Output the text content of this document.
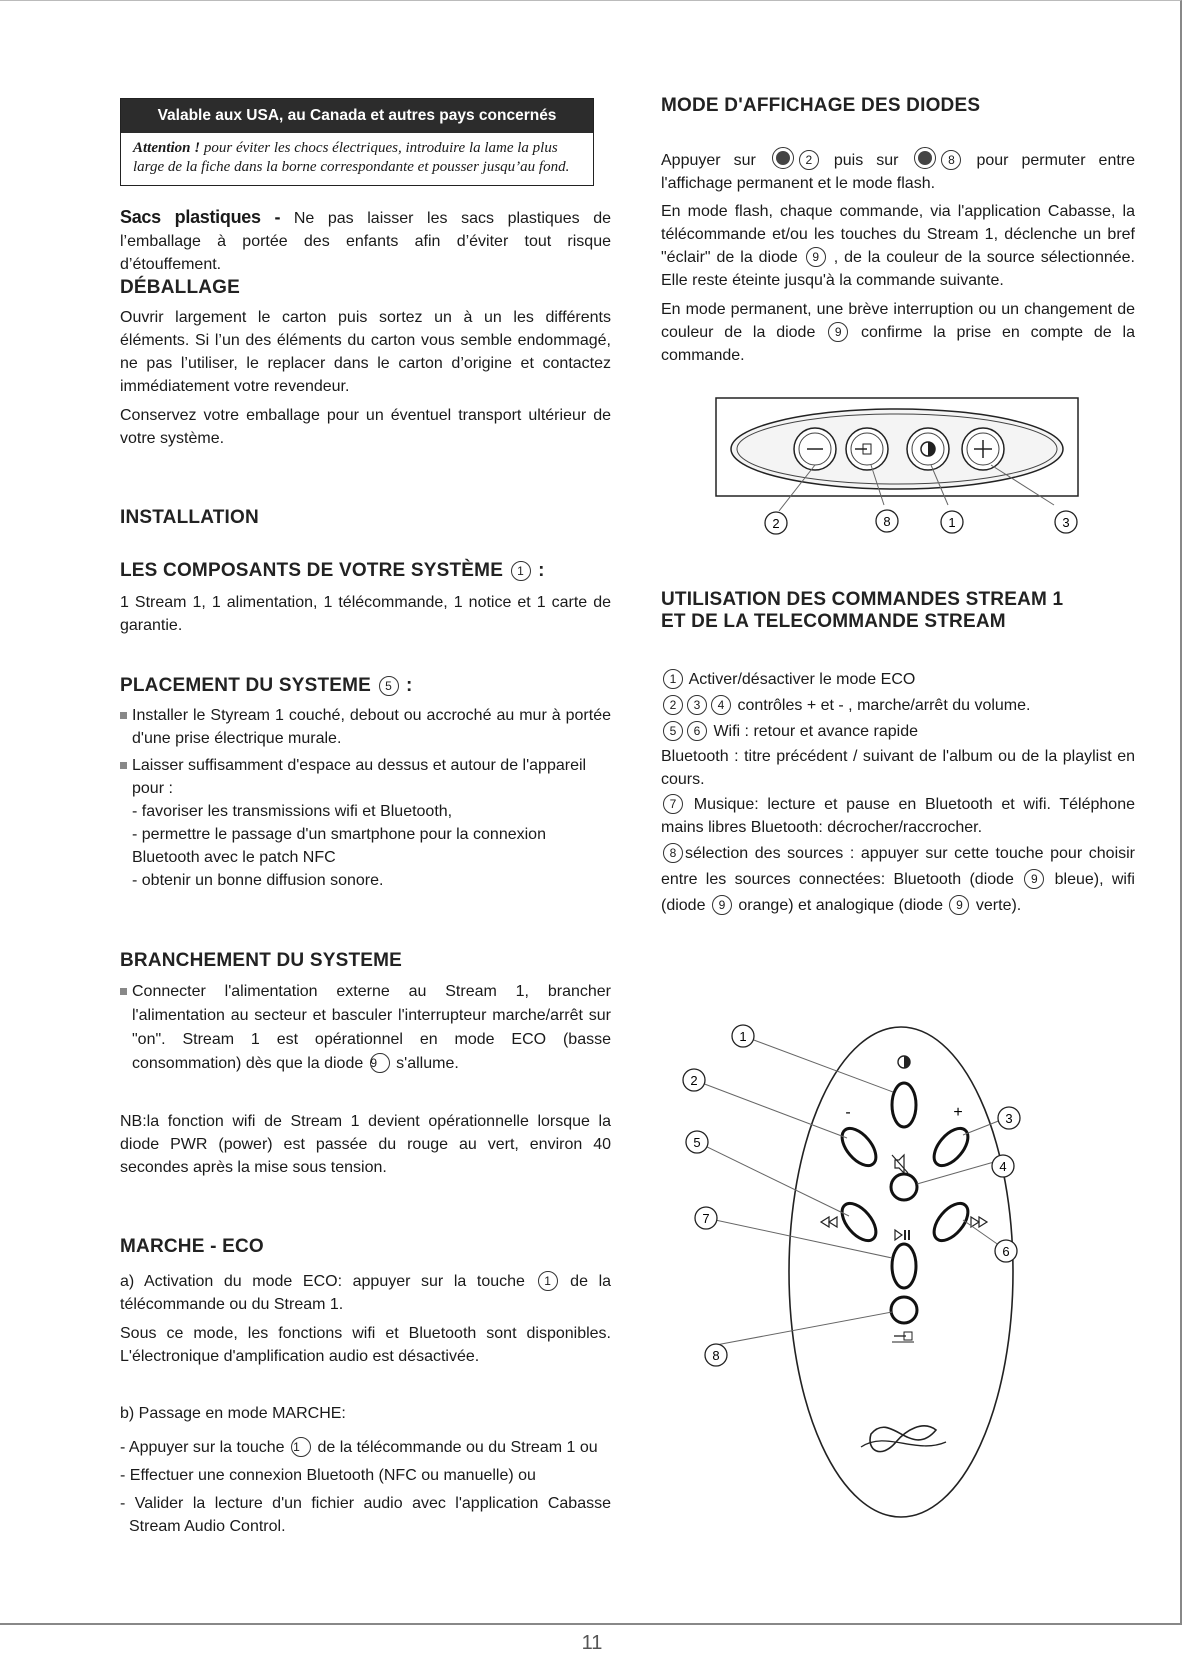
Valable aux USA, au Canada et autres pays concernés
Attention ! pour éviter les chocs électriques, introduire la lame la plus large de la fiche dans la borne correspondante et pousser jusqu’au fond.

Sacs plastiques - Ne pas laisser les sacs plastiques de l’emballage à portée des enfants afin d’éviter tout risque d’étouffement.

DÉBALLAGE

Ouvrir largement le carton puis sortez un à un les différents éléments. Si l’un des éléments du carton vous semble endommagé, ne pas l’utiliser, le replacer dans le carton d’origine et contactez immédiatement votre revendeur.

Conservez votre emballage pour un éventuel transport ultérieur de votre système.

INSTALLATION
LES COMPOSANTS DE VOTRE SYSTÈME 1 :

1 Stream 1, 1 alimentation, 1 télécommande, 1 notice et 1 carte de garantie.

PLACEMENT DU SYSTEME 5 :
Installer le Styream 1 couché, debout ou accroché au mur à portée d'une prise électrique murale.
Laisser suffisamment d'espace au dessus et autour de l'appareil pour :
- favoriser les transmissions wifi et Bluetooth,
- permettre le passage d'un smartphone pour la connexion Bluetooth avec le patch NFC
- obtenir un bonne diffusion sonore.
BRANCHEMENT DU SYSTEME
Connecter l'alimentation externe au Stream 1, brancher l'alimentation au secteur et basculer l'interrupteur marche/arrêt sur "on". Stream 1 est opérationnel en mode ECO (basse consommation) dès que la diode 9 s'allume.

NB:la fonction wifi de Stream 1 devient opérationnelle lorsque la diode PWR (power) est passée du rouge au vert, environ 40 secondes après la mise sous tension.

MARCHE - ECO

a) Activation du mode ECO: appuyer sur la touche 1 de la télécommande ou du Stream 1.

Sous ce mode, les fonctions wifi et Bluetooth sont disponibles. L'électronique d'amplification audio est désactivée.

b) Passage en mode MARCHE:

- Appuyer sur la touche 1 de la télécommande ou du Stream 1 ou
- Effectuer une connexion Bluetooth (NFC ou manuelle) ou
- Valider la lecture d'un fichier audio avec l'application Cabasse Stream Audio Control.
MODE D'AFFICHAGE DES DIODES

Appuyer sur	2 puis sur	8 pour permuter entre l'affichage permanent et le mode flash.

En mode flash, chaque commande, via l'application Cabasse, la télécommande et/ou les touches du Stream 1, déclenche un bref "éclair" de la diode 9 , de la couleur de la source sélectionnée. Elle reste éteinte jusqu'à la commande suivante.

En mode permanent, une brève interruption ou un changement de couleur de la diode 9 confirme la prise en compte de la commande.

2	8	1	3
UTILISATION DES COMMANDES STREAM 1
ET DE LA TELECOMMANDE STREAM
1 Activer/désactiver le mode ECO
2 3 4 contrôles + et - , marche/arrêt du volume.
5 6 Wifi : retour et avance rapide
Bluetooth : titre précédent / suivant de l'album ou de la playlist en cours.
7 Musique: lecture et pause en Bluetooth et wifi. Téléphone mains libres Bluetooth: décrocher/raccrocher.
8 sélection des sources : appuyer sur cette touche pour choisir entre les sources connectées: Bluetooth (diode 9 bleue), wifi (diode 9 orange) et analogique (diode 9 verte).
-	+
1
2
3
5
4
7
6
8
11
